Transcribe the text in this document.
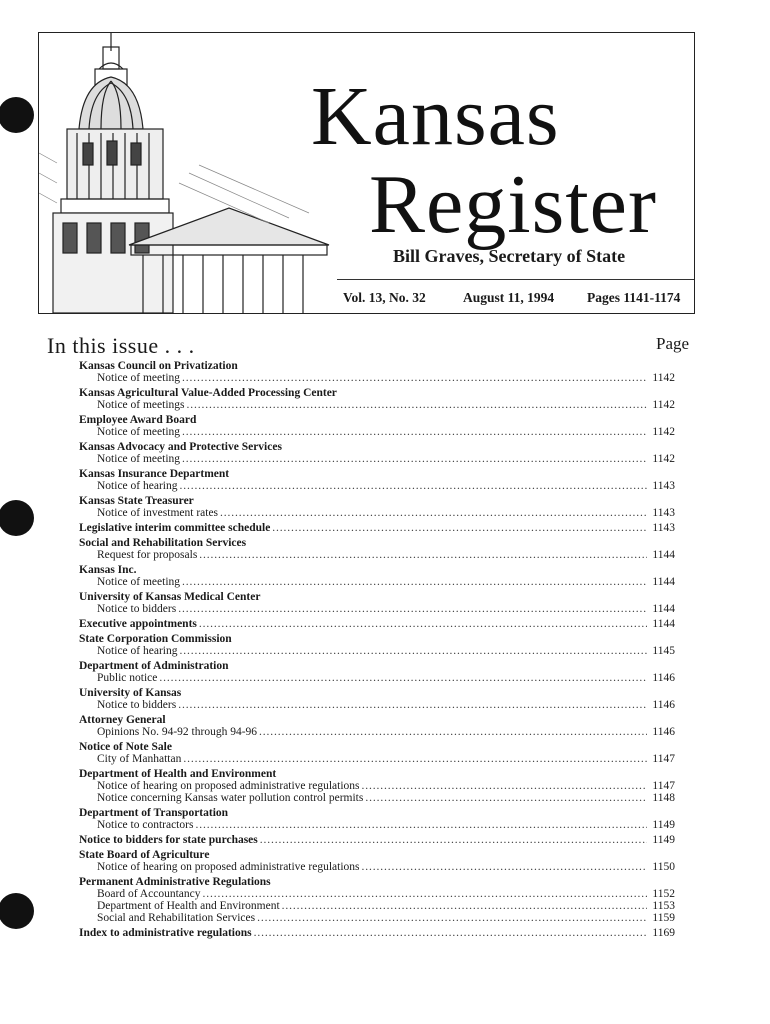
Kansas
Register
Bill Graves, Secretary of State
Vol. 13, No. 32	August 11, 1994 Pages 1141-1174
In this issue . . .	Page
Kansas Council on Privatization
Notice of meeting . . .	1142
Kansas Agricultural Value-Added Processing Center
Notice of meetings . . .	1142
Employee Award Board
Notice of meeting . . .	1142
Kansas Advocacy and Protective Services
Notice of meeting . . .	1142
Kansas Insurance Department
Notice of hearing . . .	1143
Kansas State Treasurer
Notice of investment rates . . .	1143
Legislative interim committee schedule . . .	1143
Social and Rehabilitation Services
Request for proposals . . .	1144
Kansas Inc.
Notice of meeting . . .	1144
University of Kansas Medical Center
Notice to bidders . . .	1144
Executive appointments . . .	1144
State Corporation Commission
Notice of hearing . . .	1145
Department of Administration
Public notice . . .	1146
University of Kansas
Notice to bidders . . .	1146
Attorney General
Opinions No. 94-92 through 94-96 . . .	1146
Notice of Note Sale
City of Manhattan . . .	1147
Department of Health and Environment
Notice of hearing on proposed administrative regulations . . .	1147
Notice concerning Kansas water pollution control permits . . .	1148
Department of Transportation
Notice to contractors . . .	1149
Notice to bidders for state purchases . . .	1149
State Board of Agriculture
Notice of hearing on proposed administrative regulations . . .	1150
Permanent Administrative Regulations
Board of Accountancy . . .	1152
Department of Health and Environment . . .	1153
Social and Rehabilitation Services . . .	1159
Index to administrative regulations . . .	1169
